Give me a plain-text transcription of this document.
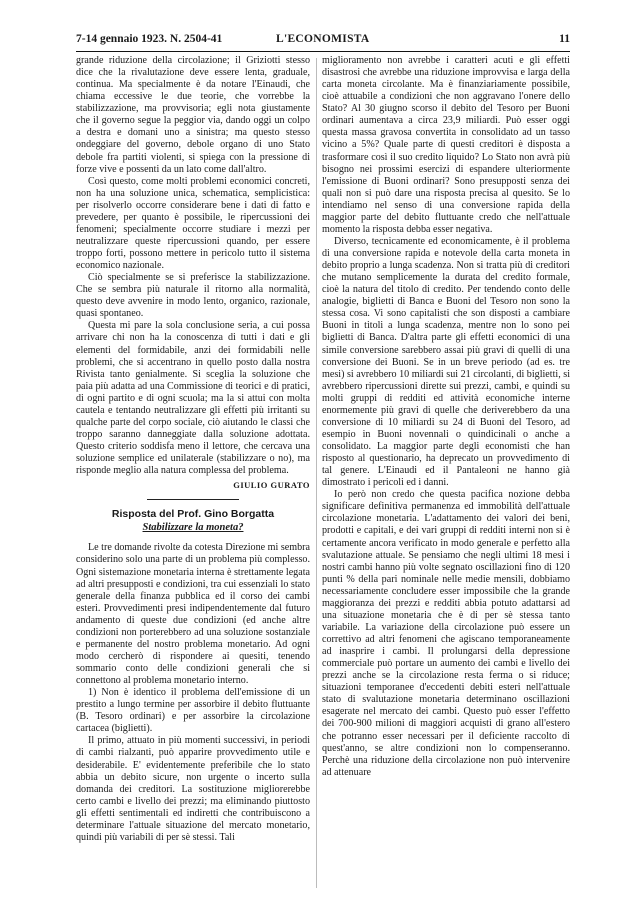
7-14 gennaio 1923. N. 2504-41	L'ECONOMISTA	11

grande riduzione della circolazione; il Griziotti stesso dice che la rivalutazione deve essere lenta, graduale, continua. Ma specialmente è da notare l'Einaudi, che chiama eccessive le due teorie, che vorrebbe la stabilizzazione, ma provvisoria; egli nota giustamente che il governo segue la peggior via, dando oggi un colpo a destra e domani uno a sinistra; ma questo stesso ondeggiare del governo, debole organo di uno Stato debole fra partiti violenti, si spiega con la pressione di forze vive e possenti da un lato come dall'altro.

Così questo, come molti problemi economici concreti, non ha una soluzione unica, schematica, semplicistica: per risolverlo occorre considerare bene i dati di fatto e prevedere, per quanto è possibile, le ripercussioni dei fenomeni; specialmente occorre studiare i mezzi per neutralizzare queste ripercussioni quando, per essere troppo forti, possono mettere in pericolo tutto il sistema economico nazionale.

Ciò specialmente se si preferisce la stabilizzazione. Che se sembra più naturale il ritorno alla normalità, questo deve avvenire in modo lento, organico, razionale, quasi spontaneo.

Questa mi pare la sola conclusione seria, a cui possa arrivare chi non ha la conoscenza di tutti i dati e gli elementi del formidabile, anzi dei formidabili nelle problemi, che si accentrano in quello posto dalla nostra Rivista tanto genialmente. Si sceglia la soluzione che paia più adatta ad una Commissione di teorici e di pratici, di ogni partito e di ogni scuola; ma la si attui con molta cautela e tentando neutralizzare gli effetti più irritanti su qualche parte del corpo sociale, ciò aiutando le classi che troppo saranno danneggiate dalla soluzione adottata. Questo criterio soddisfa meno il lettore, che cercava una soluzione semplice ed unilaterale (stabilizzare o no), ma risponde meglio alla natura complessa del problema.

GIULIO GURATO
Risposta del Prof. Gino Borgatta
Stabilizzare la moneta?

Le tre domande rivolte da cotesta Direzione mi sembra considerino solo una parte di un problema più complesso. Ogni sistemazione monetaria interna è strettamente legata ad altri presupposti e condizioni, tra cui essenziali lo stato generale della finanza pubblica ed il corso dei cambi esteri. Provvedimenti presi indipendentemente dal futuro andamento di queste due condizioni (ed anche altre condizioni non porterebbero ad una soluzione sostanziale e permanente del nostro problema monetario. Ad ogni modo cercherò di rispondere ai quesiti, tenendo sommario conto delle condizioni generali che si connettono al problema monetario interno.

1) Non è identico il problema dell'emissione di un prestito a lungo termine per assorbire il debito fluttuante (B. Tesoro ordinari) e per assorbire la circolazione cartacea (biglietti).

Il primo, attuato in più momenti successivi, in periodi di cambi rialzanti, può apparire provvedimento utile e desiderabile. E' evidentemente preferibile che lo stato abbia un debito sicure, non urgente o incerto sulla domanda dei creditori. La sostituzione migliorerebbe certo cambi e livello dei prezzi; ma eliminando piuttosto gli effetti sentimentali ed indiretti che contribuiscono a determinare l'attuale situazione del mercato monetario, quindi più variabili di per sè stessi. Tali

miglioramento non avrebbe i caratteri acuti e gli effetti disastrosi che avrebbe una riduzione improvvisa e larga della carta moneta circolante. Ma è finanziariamente possibile, cioè attuabile a condizioni che non aggravano l'onere dello Stato? Al 30 giugno scorso il debito del Tesoro per Buoni ordinari aumentava a circa 23,9 miliardi. Può esser oggi questa massa gravosa convertita in consolidato ad un tasso vicino a 5%? Quale parte di questi creditori è disposta a trasformare così il suo credito liquido? Lo Stato non avrà più bisogno nei prossimi esercizi di espandere ulteriormente l'emissione di Buoni ordinari? Sono presupposti senza dei quali non si può dare una risposta precisa al quesito. Se lo intendiamo nel senso di una conversione rapida della maggior parte del debito fluttuante credo che nell'attuale momento la risposta debba esser negativa.

Diverso, tecnicamente ed economicamente, è il problema di una conversione rapida e notevole della carta moneta in debito proprio a lunga scadenza. Non si tratta più di creditori che mutano semplicemente la durata del credito formale, cioè la natura del titolo di credito. Per tendendo conto delle analogie, biglietti di Banca e Buoni del Tesoro non sono la stessa cosa. Vi sono capitalisti che son disposti a cambiare Buoni in titoli a lunga scadenza, mentre non lo sono pei biglietti di Banca. D'altra parte gli effetti economici di una simile conversione sarebbero assai più gravi di quelli di una conversione dei Buoni. Se in un breve periodo (ad es. tre mesi) si avrebbero 10 miliardi sui 21 circolanti, di biglietti, si avrebbero ripercussioni dirette sui prezzi, cambi, e quindi su molti gruppi di redditi ed attività economiche interne enormemente più gravi di quelle che deriverebbero da una conversione di 10 miliardi su 24 di Buoni del Tesoro, ad esempio in Buoni novennali o quindicinali o anche a consolidato. La maggior parte degli economisti che han risposto al questionario, ha deprecato un provvedimento di tal genere. L'Einaudi ed il Pantaleoni ne hanno già dimostrato i pericoli ed i danni.

Io però non credo che questa pacifica nozione debba significare definitiva permanenza ed immobilità dell'attuale circolazione monetaria. L'adattamento dei valori dei beni, prodotti e capitali, e dei vari gruppi di redditi interni non si è certamente ancora verificato in modo generale e perfetto alla svalutazione attuale. Se pensiamo che negli ultimi 18 mesi i nostri cambi hanno più volte segnato oscillazioni fino di 120 punti % della pari nominale nelle medie mensili, dobbiamo necessariamente concludere esser impossibile che la grande maggioranza dei prezzi e redditi abbia potuto adattarsi ad una situazione monetaria che è di per sè stessa tanto variabile. La variazione della circolazione può essere un correttivo ad altri fenomeni che agiscano temporaneamente ad inasprire i cambi. Il prolungarsi della depressione commerciale può portare un aumento dei cambi e livello dei prezzi anche se la circolazione resta ferma o si riduce; situazioni temporanee d'eccedenti debiti esteri nell'attuale stato di svalutazione monetaria determinano oscillazioni esagerate nel mercato dei cambi. Questo può esser l'effetto dei 700-900 milioni di maggiori acquisti di grano all'estero che potranno esser necessari per il deficiente raccolto di quest'anno, se altre condizioni non lo compenseranno. Perchè una riduzione della circolazione non può intervenire ad attenuare
